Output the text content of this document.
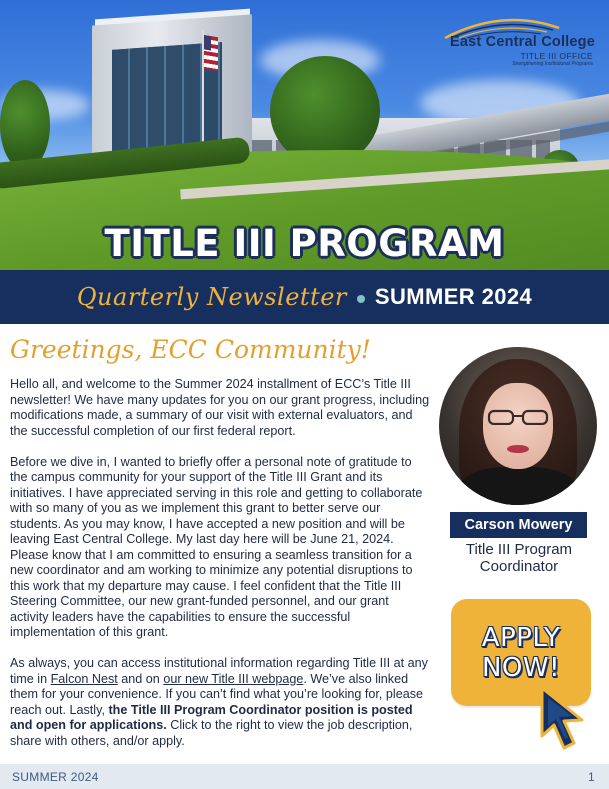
East Central College
TITLE III OFFICE
Strengthening Institutional Programs
TITLE III PROGRAM
Quarterly Newsletter SUMMER 2024
Greetings, ECC Community!

Hello all, and welcome to the Summer 2024 installment of ECC’s Title III newsletter! We have many updates for you on our grant progress, including modifications made, a summary of our visit with external evaluators, and the successful completion of our first federal report.

Before we dive in, I wanted to briefly offer a personal note of gratitude to the campus community for your support of the Title III Grant and its initiatives. I have appreciated serving in this role and getting to collaborate with so many of you as we implement this grant to better serve our students. As you may know, I have accepted a new position and will be leaving East Central College. My last day here will be June 21, 2024. Please know that I am committed to ensuring a seamless transition for a new coordinator and am working to minimize any potential disruptions to this work that my departure may cause. I feel confident that the Title III Steering Committee, our new grant-funded personnel, and our grant activity leaders have the capabilities to ensure the successful implementation of this grant.

As always, you can access institutional information regarding Title III at any time in Falcon Nest and on our new Title III webpage. We’ve also linked them for your convenience. If you can’t find what you’re looking for, please reach out. Lastly, the Title III Program Coordinator position is posted and open for applications. Click to the right to view the job description, share with others, and/or apply.

Carson Mowery
Title III Program
Coordinator
APPLY
NOW!
SUMMER 2024	1
